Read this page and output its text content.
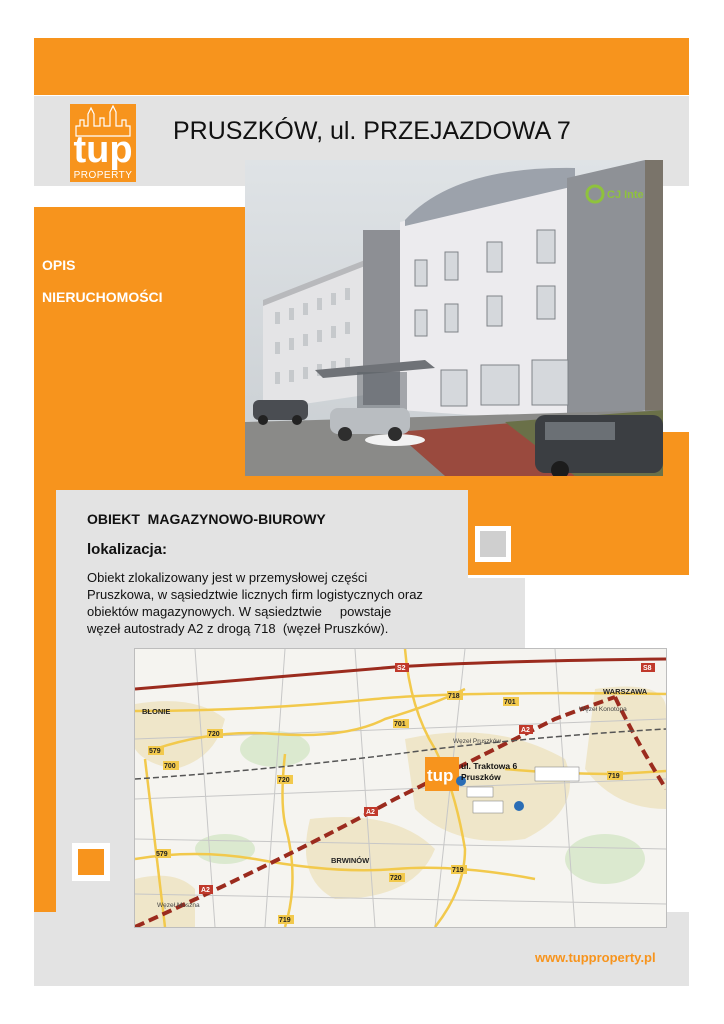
tup
PROPERTY
PRUSZKÓW, ul. PRZEJAZDOWA 7
OPIS
NIERUCHOMOŚCI
CJ Inte
OBIEKT  MAGAZYNOWO-BIUROWY
lokalizacja:
Obiekt zlokalizowany jest w przemysłowej części
Pruszkowa, w sąsiedztwie licznych firm logistycznych oraz
obiektów magazynowych. W sąsiedztwie     powstaje
węzeł autostrady A2 z drogą 718  (węzeł Pruszków).
S2	S8
718
701
701
720
579
700
720
A2
A2
A2
719
579
720
719
719
BŁONIE
WARSZAWA
BRWINÓW
Węzeł Konotopa
Węzeł Pruszków
Węzeł Moszna
tup ul. Traktowa 6
Pruszków
www.tupproperty.pl
